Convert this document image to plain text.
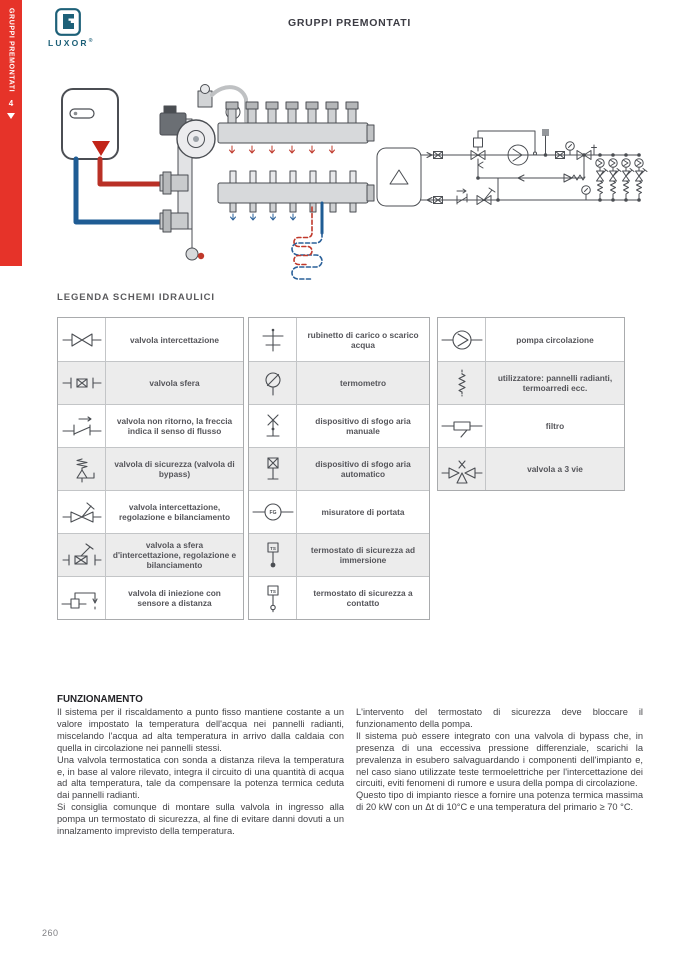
GRUPPI PREMONTATI
4
LUXOR®
GRUPPI PREMONTATI
LEGENDA SCHEMI IDRAULICI
valvola intercettazione
valvola sfera
valvola non ritorno, la freccia indica il senso di flusso
valvola di sicurezza (valvola di bypass)
valvola intercettazione, regolazione e bilanciamento
valvola a sfera d'intercettazione, regolazione e bilanciamento
valvola di iniezione con sensore a distanza
rubinetto di carico o scarico acqua
termometro
dispositivo di sfogo aria manuale
dispositivo di sfogo aria automatico
FG	misuratore di portata
TS	termostato di sicurezza ad immersione
TS	termostato di sicurezza a contatto
pompa circolazione
utilizzatore: pannelli radianti, termoarredi ecc.
filtro
valvola a 3 vie
FUNZIONAMENTO

Il sistema per il riscaldamento a punto fisso mantiene costante a un valore impostato la temperatura dell'acqua nei pannelli radianti, miscelando l'acqua ad alta temperatura in arrivo dalla caldaia con quella in circolazione nei pannelli stessi.

Una valvola termostatica con sonda a distanza rileva la temperatura e, in base al valore rilevato, integra il circuito di una quantità di acqua ad alta temperatura, tale da compensare la potenza termica ceduta dai pannelli radianti.

Si consiglia comunque di montare sulla valvola in ingresso alla pompa un termostato di sicurezza, al fine di evitare danni dovuti a un innalzamento imprevisto della temperatura.

L'intervento del termostato di sicurezza deve bloccare il funzionamento della pompa.

Il sistema può essere integrato con una valvola di bypass che, in presenza di una eccessiva pressione differenziale, scarichi la prevalenza in esubero salvaguardando i componenti dell'impianto e, nel caso siano utilizzate teste termoelettriche per l'intercettazione dei circuiti, eviti fenomeni di rumore e usura della pompa di circolazione.

Questo tipo di impianto riesce a fornire una potenza termica massima di 20 kW con un Δt di 10°C e una temperatura del primario ≥ 70 °C.

260
